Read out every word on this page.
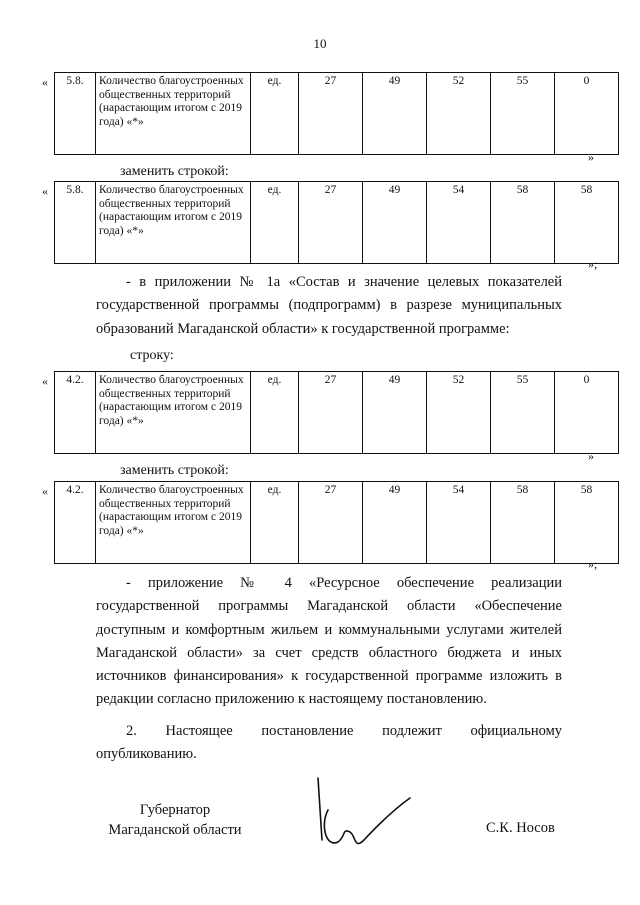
10
« 5.8.	Количество благоустроенных общественных территорий (нарастающим итогом с 2019 года) «*»	ед.	27	49	52	55	0
»
заменить строкой:
« 5.8.	Количество благоустроенных общественных территорий (нарастающим итогом с 2019 года) «*»	ед.	27	49	54	58	58
»;
- в приложении № 1а «Состав и значение целевых показателей государственной программы (подпрограмм) в разрезе муниципальных образований Магаданской области» к государственной программе:
строку:
« 4.2.	Количество благоустроенных общественных территорий (нарастающим итогом с 2019 года) «*»	ед.	27	49	52	55	0
»
заменить строкой:
« 4.2.	Количество благоустроенных общественных территорий (нарастающим итогом с 2019 года) «*»	ед.	27	49	54	58	58
»;
- приложение № 4 «Ресурсное обеспечение реализации государственной программы Магаданской области «Обеспечение доступным и комфортным жильем и коммунальными услугами жителей Магаданской области» за счет средств областного бюджета и иных источников финансирования» к государственной программе изложить в редакции согласно приложению к настоящему постановлению.
2. Настоящее постановление подлежит официальному опубликованию.
Губернатор
Магаданской области	С.К. Носов
